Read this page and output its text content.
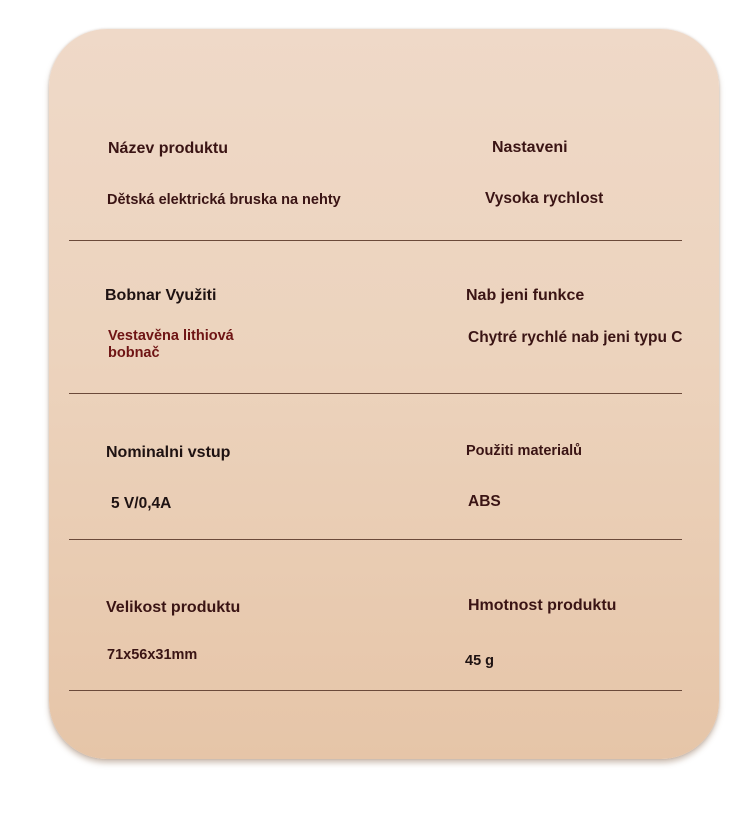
Název produktu
Dětská elektrická bruska na nehty
Nastaveni
Vysoka rychlost
Bobnar Využiti
Vestavěna lithiová
bobnač
Nab jeni funkce
Chytré rychlé nab jeni typu C
Nominalni vstup
5 V/0,4A
Použiti materialů
ABS
Velikost produktu
71x56x31mm
Hmotnost produktu
45 g
